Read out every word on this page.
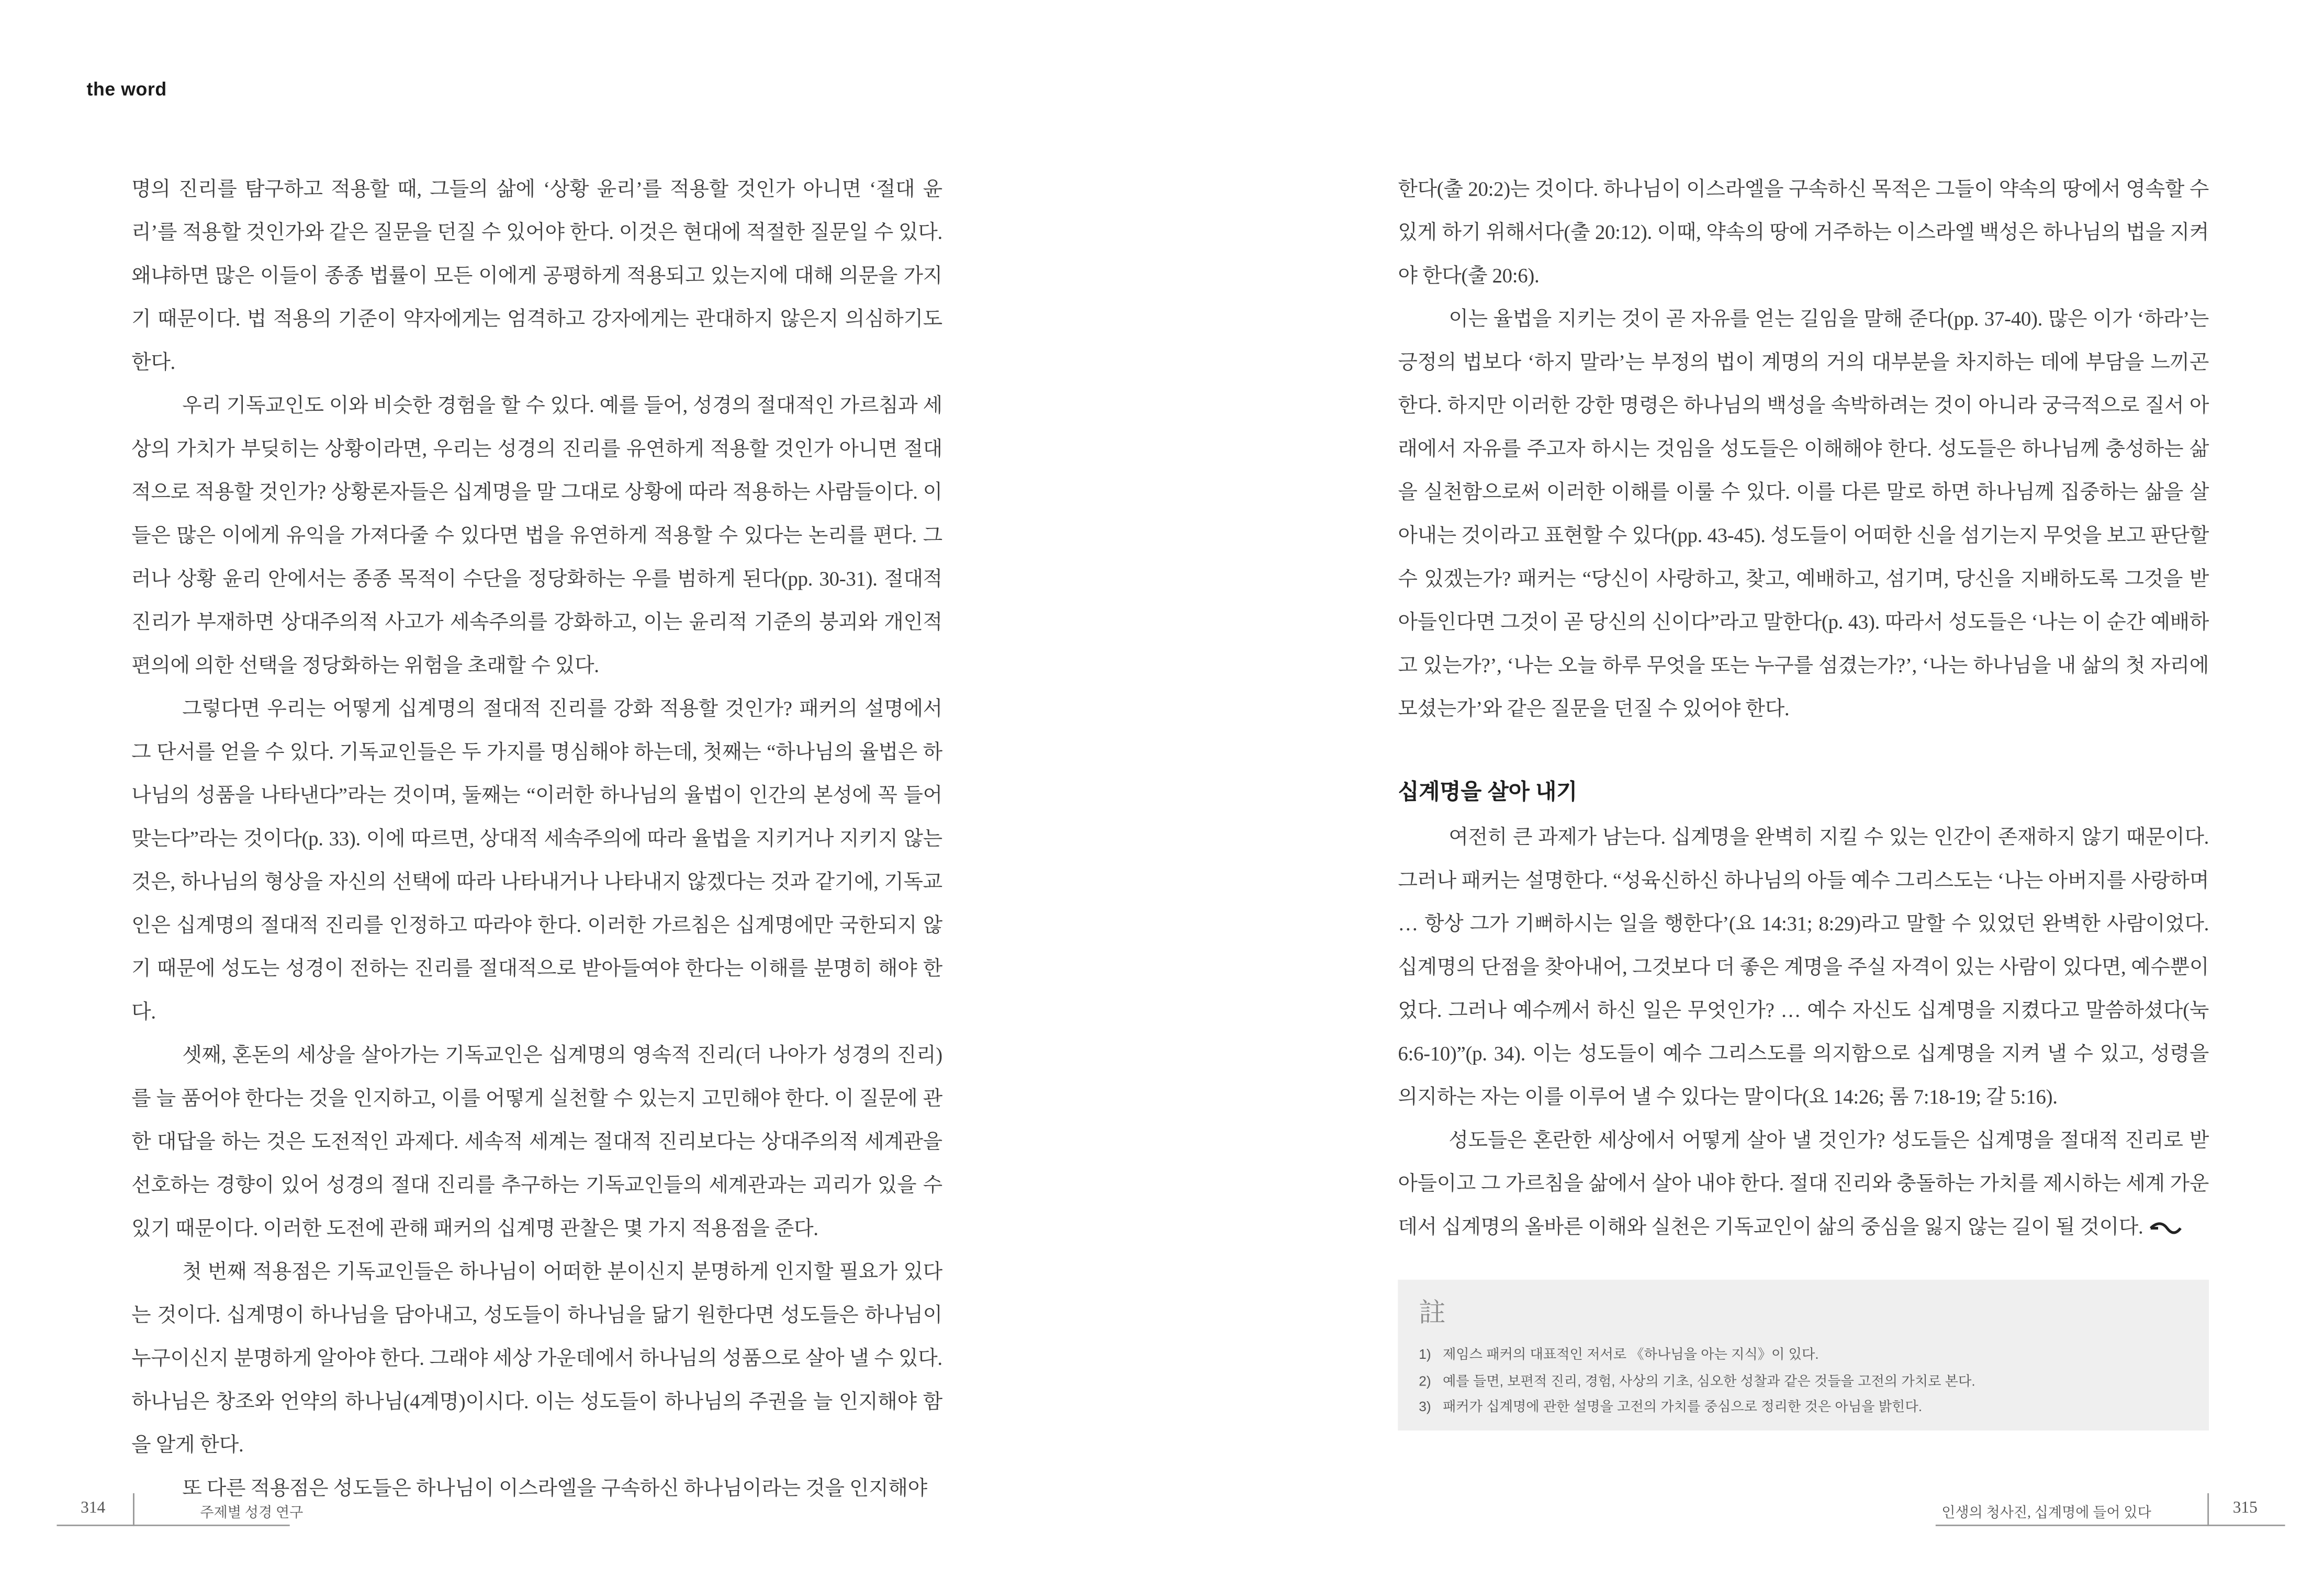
the word

명의 진리를 탐구하고 적용할 때, 그들의 삶에 ‘상황 윤리’를 적용할 것인가 아니면 ‘절대 윤리’를 적용할 것인가와 같은 질문을 던질 수 있어야 한다. 이것은 현대에 적절한 질문일 수 있다. 왜냐하면 많은 이들이 종종 법률이 모든 이에게 공평하게 적용되고 있는지에 대해 의문을 가지기 때문이다. 법 적용의 기준이 약자에게는 엄격하고 강자에게는 관대하지 않은지 의심하기도 한다.

우리 기독교인도 이와 비슷한 경험을 할 수 있다. 예를 들어, 성경의 절대적인 가르침과 세상의 가치가 부딪히는 상황이라면, 우리는 성경의 진리를 유연하게 적용할 것인가 아니면 절대적으로 적용할 것인가? 상황론자들은 십계명을 말 그대로 상황에 따라 적용하는 사람들이다. 이들은 많은 이에게 유익을 가져다줄 수 있다면 법을 유연하게 적용할 수 있다는 논리를 편다. 그러나 상황 윤리 안에서는 종종 목적이 수단을 정당화하는 우를 범하게 된다(pp. 30-31). 절대적 진리가 부재하면 상대주의적 사고가 세속주의를 강화하고, 이는 윤리적 기준의 붕괴와 개인적 편의에 의한 선택을 정당화하는 위험을 초래할 수 있다.

그렇다면 우리는 어떻게 십계명의 절대적 진리를 강화 적용할 것인가? 패커의 설명에서 그 단서를 얻을 수 있다. 기독교인들은 두 가지를 명심해야 하는데, 첫째는 “하나님의 율법은 하나님의 성품을 나타낸다”라는 것이며, 둘째는 “이러한 하나님의 율법이 인간의 본성에 꼭 들어맞는다”라는 것이다(p. 33). 이에 따르면, 상대적 세속주의에 따라 율법을 지키거나 지키지 않는 것은, 하나님의 형상을 자신의 선택에 따라 나타내거나 나타내지 않겠다는 것과 같기에, 기독교인은 십계명의 절대적 진리를 인정하고 따라야 한다. 이러한 가르침은 십계명에만 국한되지 않기 때문에 성도는 성경이 전하는 진리를 절대적으로 받아들여야 한다는 이해를 분명히 해야 한다.

셋째, 혼돈의 세상을 살아가는 기독교인은 십계명의 영속적 진리(더 나아가 성경의 진리)를 늘 품어야 한다는 것을 인지하고, 이를 어떻게 실천할 수 있는지 고민해야 한다. 이 질문에 관한 대답을 하는 것은 도전적인 과제다. 세속적 세계는 절대적 진리보다는 상대주의적 세계관을 선호하는 경향이 있어 성경의 절대 진리를 추구하는 기독교인들의 세계관과는 괴리가 있을 수 있기 때문이다. 이러한 도전에 관해 패커의 십계명 관찰은 몇 가지 적용점을 준다.

첫 번째 적용점은 기독교인들은 하나님이 어떠한 분이신지 분명하게 인지할 필요가 있다는 것이다. 십계명이 하나님을 담아내고, 성도들이 하나님을 닮기 원한다면 성도들은 하나님이 누구이신지 분명하게 알아야 한다. 그래야 세상 가운데에서 하나님의 성품으로 살아 낼 수 있다. 하나님은 창조와 언약의 하나님(4계명)이시다. 이는 성도들이 하나님의 주권을 늘 인지해야 함을 알게 한다.

또 다른 적용점은 성도들은 하나님이 이스라엘을 구속하신 하나님이라는 것을 인지해야

한다(출 20:2)는 것이다. 하나님이 이스라엘을 구속하신 목적은 그들이 약속의 땅에서 영속할 수 있게 하기 위해서다(출 20:12). 이때, 약속의 땅에 거주하는 이스라엘 백성은 하나님의 법을 지켜야 한다(출 20:6).

이는 율법을 지키는 것이 곧 자유를 얻는 길임을 말해 준다(pp. 37-40). 많은 이가 ‘하라’는 긍정의 법보다 ‘하지 말라’는 부정의 법이 계명의 거의 대부분을 차지하는 데에 부담을 느끼곤 한다. 하지만 이러한 강한 명령은 하나님의 백성을 속박하려는 것이 아니라 궁극적으로 질서 아래에서 자유를 주고자 하시는 것임을 성도들은 이해해야 한다. 성도들은 하나님께 충성하는 삶을 실천함으로써 이러한 이해를 이룰 수 있다. 이를 다른 말로 하면 하나님께 집중하는 삶을 살아내는 것이라고 표현할 수 있다(pp. 43-45). 성도들이 어떠한 신을 섬기는지 무엇을 보고 판단할 수 있겠는가? 패커는 “당신이 사랑하고, 찾고, 예배하고, 섬기며, 당신을 지배하도록 그것을 받아들인다면 그것이 곧 당신의 신이다”라고 말한다(p. 43). 따라서 성도들은 ‘나는 이 순간 예배하고 있는가?’, ‘나는 오늘 하루 무엇을 또는 누구를 섬겼는가?’, ‘나는 하나님을 내 삶의 첫 자리에 모셨는가’와 같은 질문을 던질 수 있어야 한다.

십계명을 살아 내기

여전히 큰 과제가 남는다. 십계명을 완벽히 지킬 수 있는 인간이 존재하지 않기 때문이다. 그러나 패커는 설명한다. “성육신하신 하나님의 아들 예수 그리스도는 ‘나는 아버지를 사랑하며 … 항상 그가 기뻐하시는 일을 행한다’(요 14:31; 8:29)라고 말할 수 있었던 완벽한 사람이었다. 십계명의 단점을 찾아내어, 그것보다 더 좋은 계명을 주실 자격이 있는 사람이 있다면, 예수뿐이었다. 그러나 예수께서 하신 일은 무엇인가? … 예수 자신도 십계명을 지켰다고 말씀하셨다(눅 6:6-10)”(p. 34). 이는 성도들이 예수 그리스도를 의지함으로 십계명을 지켜 낼 수 있고, 성령을 의지하는 자는 이를 이루어 낼 수 있다는 말이다(요 14:26; 롬 7:18-19; 갈 5:16).

성도들은 혼란한 세상에서 어떻게 살아 낼 것인가? 성도들은 십계명을 절대적 진리로 받아들이고 그 가르침을 삶에서 살아 내야 한다. 절대 진리와 충돌하는 가치를 제시하는 세계 가운데서 십계명의 올바른 이해와 실천은 기독교인이 삶의 중심을 잃지 않는 길이 될 것이다.

註
1) 제임스 패커의 대표적인 저서로 《하나님을 아는 지식》이 있다.
2) 예를 들면, 보편적 진리, 경험, 사상의 기초, 심오한 성찰과 같은 것들을 고전의 가치로 본다.
3) 패커가 십계명에 관한 설명을 고전의 가치를 중심으로 정리한 것은 아님을 밝힌다.
314	주제별 성경 연구	인생의 청사진, 십계명에 들어 있다	315
